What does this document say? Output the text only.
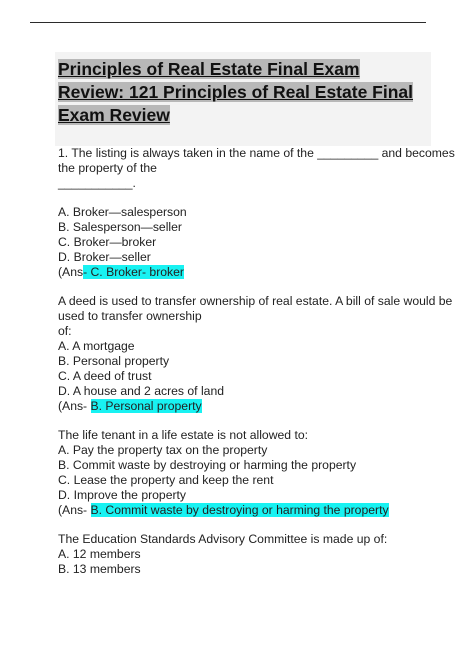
Principles of Real Estate Final Exam Review: 121 Principles of Real Estate Final Exam Review
1. The listing is always taken in the name of the _________ and becomes
the property of the
___________.
A. Broker—salesperson
B. Salesperson—seller
C. Broker—broker
D. Broker—seller
(Ans- C. Broker- broker
A deed is used to transfer ownership of real estate. A bill of sale would be
used to transfer ownership
of:
A. A mortgage
B. Personal property
C. A deed of trust
D. A house and 2 acres of land
(Ans- B. Personal property
The life tenant in a life estate is not allowed to:
A. Pay the property tax on the property
B. Commit waste by destroying or harming the property
C. Lease the property and keep the rent
D. Improve the property
(Ans- B. Commit waste by destroying or harming the property
The Education Standards Advisory Committee is made up of:
A. 12 members
B. 13 members
